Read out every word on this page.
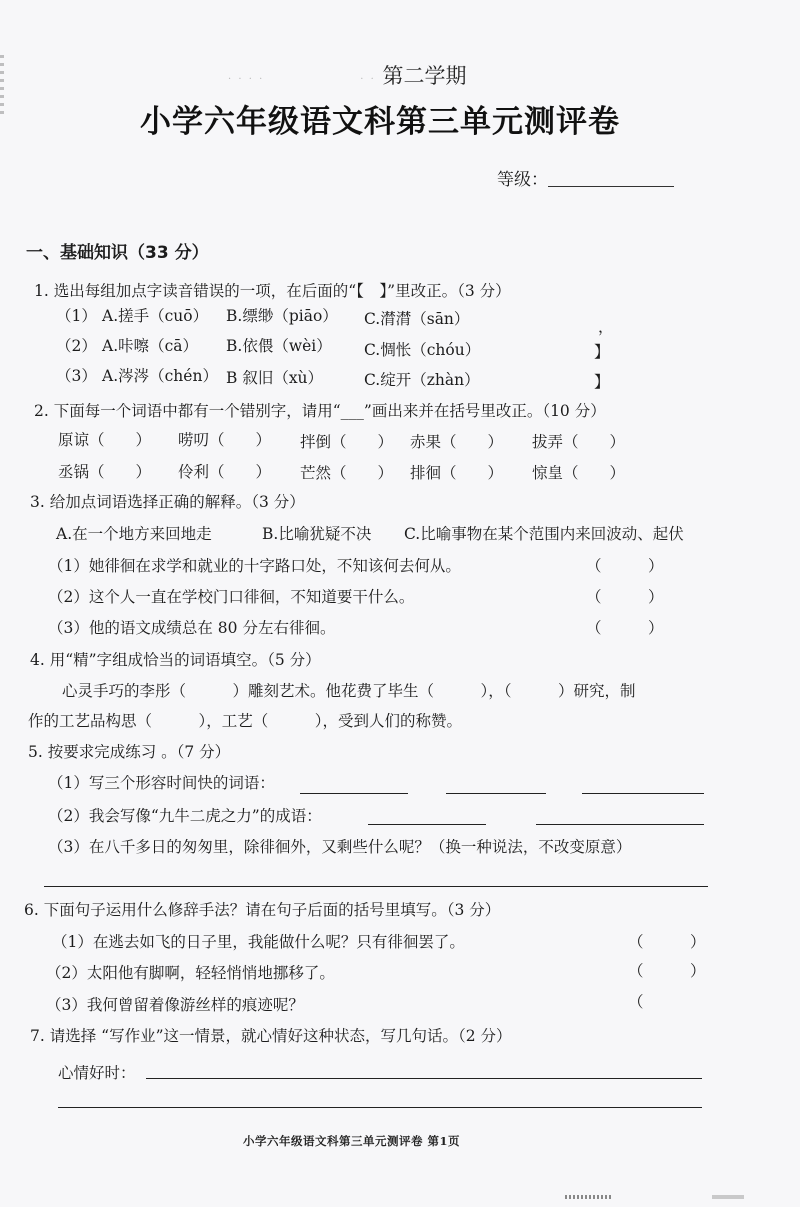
· · · ·　　　　　　　　· · 第二学期
小学六年级语文科第三单元测评卷
等级：
一、基础知识（33 分）
1. 选出每组加点字读音错误的一项，在后面的“【　】”里改正。（3 分）
（1） A.搓手（cuō） B.缥缈（piāo） C.潸潸（sān）	，
（2） A.咔嚓（cā） B.依偎（wèi） C.惆怅（chóu）	】
（3） A.涔涔（chén） B 叙旧（xù）	C.绽开（zhàn）	】
2. 下面每一个词语中都有一个错别字，请用“___”画出来并在括号里改正。（10 分）
原谅（　　） 唠叨（　　） 拌倒（　　） 赤果（　　） 拔弄（　　）
丞锅（　　） 伶利（　　） 芒然（　　） 排徊（　　） 惊皇（　　）
3. 给加点词语选择正确的解释。（3 分）
A.在一个地方来回地走	B.比喻犹疑不决 C.比喻事物在某个范围内来回波动、起伏
（1）她徘徊在求学和就业的十字路口处，不知该何去何从。	（　　　）
（2）这个人一直在学校门口徘徊，不知道要干什么。	（　　　）
（3）他的语文成绩总在 80 分左右徘徊。	（　　　）
4. 用“精”字组成恰当的词语填空。（5 分）
心灵手巧的李彤（　　　）雕刻艺术。他花费了毕生（　　　），（　　　）研究，制
作的工艺品构思（　　　），工艺（　　　），受到人们的称赞。
5. 按要求完成练习 。（7 分）
（1）写三个形容时间快的词语：
（2）我会写像“九牛二虎之力”的成语：
（3）在八千多日的匆匆里，除徘徊外，又剩些什么呢？（换一种说法，不改变原意）
6. 下面句子运用什么修辞手法？请在句子后面的括号里填写。（3 分）
（1）在逃去如飞的日子里，我能做什么呢？只有徘徊罢了。	（　　　）
（2）太阳他有脚啊，轻轻悄悄地挪移了。	（　　　）
（3）我何曾留着像游丝样的痕迹呢？	（
7. 请选择 “写作业”这一情景，就心情好这种状态，写几句话。（2 分）
心情好时：
小学六年级语文科第三单元测评卷 第1页
